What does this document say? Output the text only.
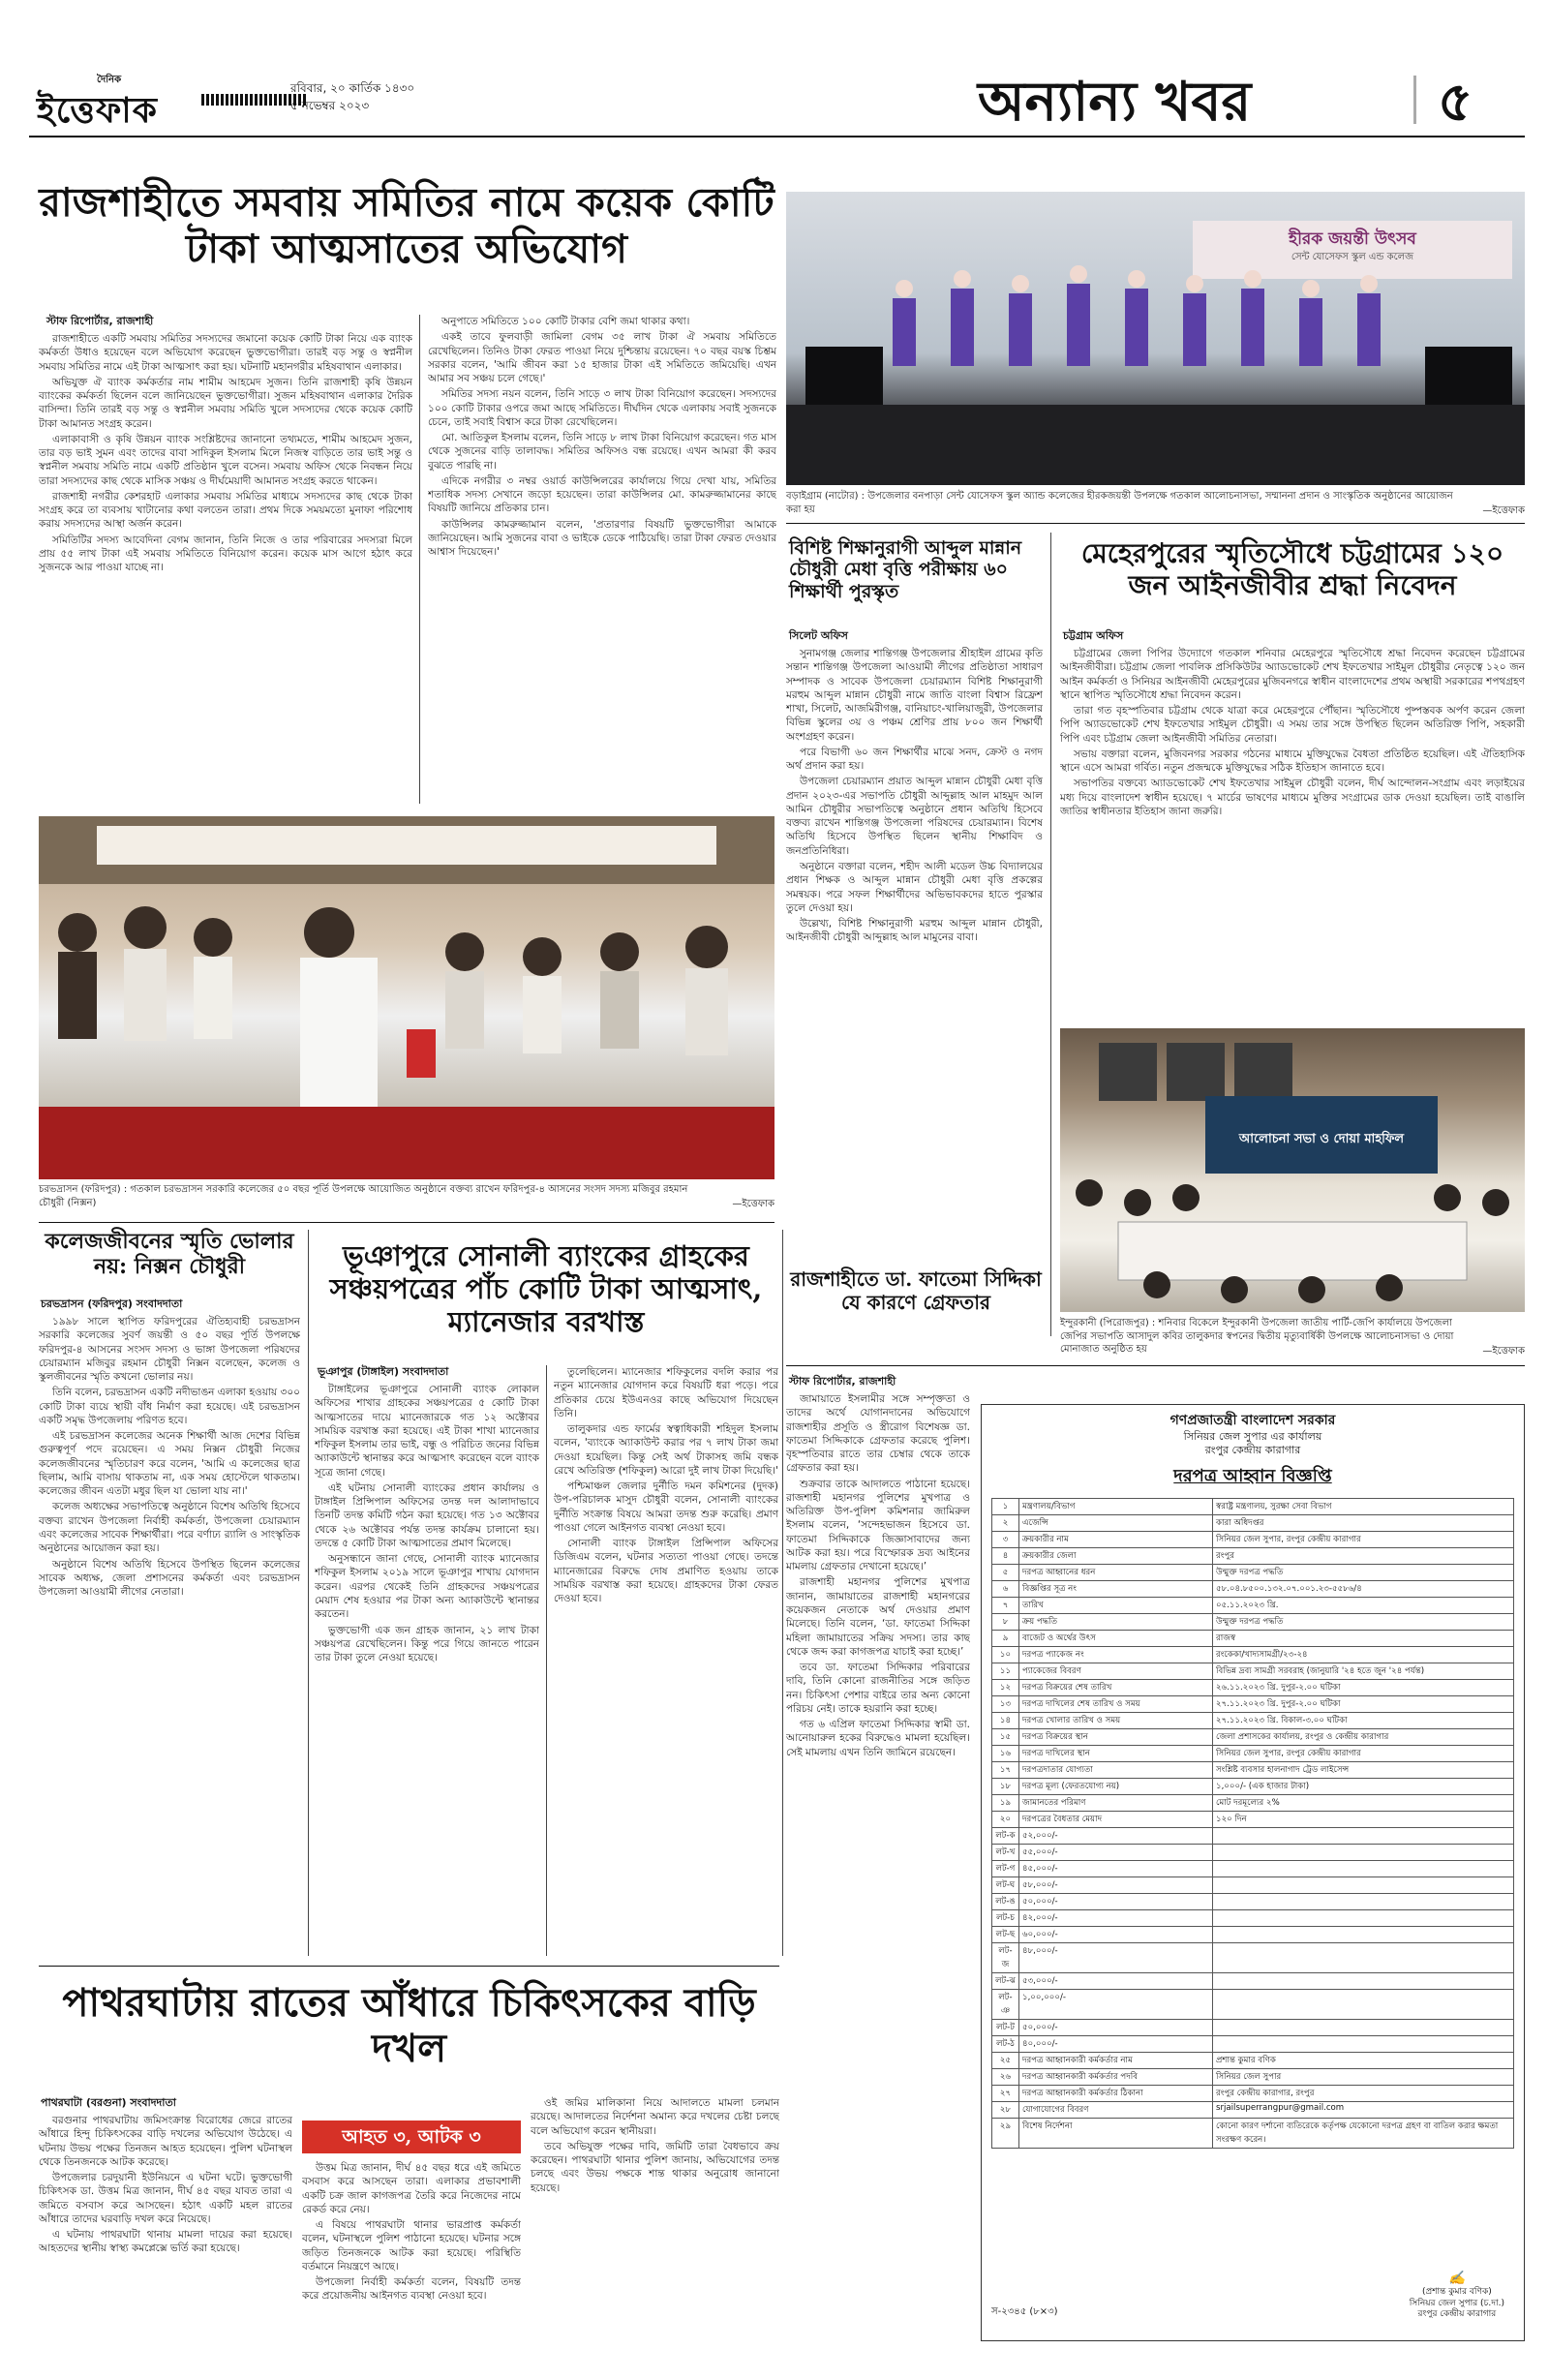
দৈনিক
ইত্তেফাক
রবিবার, ২০ কার্তিক ১৪৩০
৫ নভেম্বর ২০২৩	অন্যান্য খবর	৫
রাজশাহীতে সমবায় সমিতির নামে কয়েক কোটি টাকা আত্মসাতের অভিযোগ
স্টাফ রিপোর্টার, রাজশাহী

রাজশাহীতে একটি সমবায় সমিতির সদস্যদের জমানো কয়েক কোটি টাকা নিয়ে এক ব্যাংক কর্মকর্তা উধাও হয়েছেন বলে অভিযোগ করেছেন ভুক্তভোগীরা। তারই বড় সন্তু ও স্বপ্ননীল সমবায় সমিতির নামে এই টাকা আত্মসাৎ করা হয়। ঘটনাটি মহানগরীর মহিষবাথান এলাকার।

অভিযুক্ত ঐ ব্যাংক কর্মকর্তার নাম শামীম আহমেদ সুজন। তিনি রাজশাহী কৃষি উন্নয়ন ব্যাংকের কর্মকর্তা ছিলেন বলে জানিয়েছেন ভুক্তভোগীরা। সুজন মহিষবাথান এলাকার দৈরিক বাসিন্দা। তিনি তারই বড় সন্তু ও স্বপ্ননীল সমবায় সমিতি খুলে সদস্যদের থেকে কয়েক কোটি টাকা আমানত সংগ্রহ করেন।

এলাকাবাসী ও কৃষি উন্নয়ন ব্যাংক সংশ্লিষ্টদের জানানো তথ্যমতে, শামীম আহমেদ সুজন, তার বড় ভাই সুমন এবং তাদের বাবা সাদিকুল ইসলাম মিলে নিজস্ব বাড়িতে তার ভাই সন্তু ও স্বপ্ননীল সমবায় সমিতি নামে একটি প্রতিষ্ঠান খুলে বসেন। সমবায় অফিস থেকে নিবন্ধন নিয়ে তারা সদস্যদের কাছ থেকে মাসিক সঞ্চয় ও দীর্ঘমেয়াদী আমানত সংগ্রহ করতে থাকেন।

রাজশাহী নগরীর কেশরহাট এলাকার সমবায় সমিতির মাধ্যমে সদস্যদের কাছ থেকে টাকা সংগ্রহ করে তা ব্যবসায় খাটানোর কথা বলতেন তারা। প্রথম দিকে সময়মতো মুনাফা পরিশোধ করায় সদস্যদের আস্থা অর্জন করেন।

সমিতিটির সদস্য আবেদিনা বেগম জানান, তিনি নিজে ও তার পরিবারের সদস্যরা মিলে প্রায় ৫৫ লাখ টাকা এই সমবায় সমিতিতে বিনিয়োগ করেন। কয়েক মাস আগে হঠাৎ করে সুজনকে আর পাওয়া যাচ্ছে না।

অনুপাতে সমিতিতে ১০০ কোটি টাকার বেশি জমা থাকার কথা।

একই তাবে ফুলবাড়ী জামিলা বেগম ৩৫ লাখ টাকা ঐ সমবায় সমিতিতে রেখেছিলেন। তিনিও টাকা ফেরত পাওয়া নিয়ে দুশ্চিন্তায় রয়েছেন। ৭০ বছর বয়স্ক চিশ্তম সরকার বলেন, 'আমি জীবন করা ১৫ হাজার টাকা এই সমিতিতে জমিয়েছি। এখন আমার সব সঞ্চয় চলে গেছে।'

সমিতির সদস্য নয়ন বলেন, তিনি সাড়ে ৩ লাখ টাকা বিনিয়োগ করেছেন। সদস্যদের ১০০ কোটি টাকার ওপরে জমা আছে সমিতিতে। দীর্ঘদিন থেকে এলাকায় সবাই সুজনকে চেনে, তাই সবাই বিশ্বাস করে টাকা রেখেছিলেন।

মো. আতিকুল ইসলাম বলেন, তিনি সাড়ে ৮ লাখ টাকা বিনিয়োগ করেছেন। গত মাস থেকে সুজনের বাড়ি তালাবদ্ধ। সমিতির অফিসও বন্ধ রয়েছে। এখন আমরা কী করব বুঝতে পারছি না।

এদিকে নগরীর ৩ নম্বর ওয়ার্ড কাউন্সিলরের কার্যালয়ে গিয়ে দেখা যায়, সমিতির শতাধিক সদস্য সেখানে জড়ো হয়েছেন। তারা কাউন্সিলর মো. কামরুজ্জামানের কাছে বিষয়টি জানিয়ে প্রতিকার চান।

কাউন্সিলর কামরুজ্জামান বলেন, 'প্রতারণার বিষয়টি ভুক্তভোগীরা আমাকে জানিয়েছেন। আমি সুজনের বাবা ও ভাইকে ডেকে পাঠিয়েছি। তারা টাকা ফেরত দেওয়ার আশ্বাস দিয়েছেন।'

চরভদ্রাসন (ফরিদপুর) : গতকাল চরভদ্রাসন সরকারি কলেজের ৫০ বছর পূর্তি উপলক্ষে আয়োজিত অনুষ্ঠানে বক্তব্য রাখেন ফরিদপুর-৪ আসনের সংসদ সদস্য মজিবুর রহমান চৌধুরী (নিক্সন)	—ইত্তেফাক
হীরক জয়ন্তী উৎসব
সেন্ট যোসেফস স্কুল এন্ড কলেজ
বড়াইগ্রাম (নাটোর) : উপজেলার বনপাড়া সেন্ট যোসেফস স্কুল অ্যান্ড কলেজের হীরকজয়ন্তী উপলক্ষে গতকাল আলোচনাসভা, সম্মাননা প্রদান ও সাংস্কৃতিক অনুষ্ঠানের আয়োজন করা হয়	—ইত্তেফাক
বিশিষ্ট শিক্ষানুরাগী আব্দুল মান্নান চৌধুরী মেধা বৃত্তি পরীক্ষায় ৬০ শিক্ষার্থী পুরস্কৃত
সিলেট অফিস

সুনামগঞ্জ জেলার শান্তিগঞ্জ উপজেলার শ্রীহাইল গ্রামের কৃতি সন্তান শান্তিগঞ্জ উপজেলা আওয়ামী লীগের প্রতিষ্ঠাতা সাধারণ সম্পাদক ও সাবেক উপজেলা চেয়ারম্যান বিশিষ্ট শিক্ষানুরাগী মরহুম আব্দুল মান্নান চৌধুরী নামে জাতি বাংলা বিশ্বাস রিফ্রেশ শাখা, সিলেট, আজমিরীগঞ্জ, বানিয়াচং-খালিয়াজুরী, উপজেলার বিভিন্ন স্কুলের ৩য় ও পঞ্চম শ্রেণির প্রায় ৮০০ জন শিক্ষার্থী অংশগ্রহণ করেন।

পরে বিভাগী ৬০ জন শিক্ষার্থীর মাঝে সনদ, ক্রেস্ট ও নগদ অর্থ প্রদান করা হয়।

উপজেলা চেয়ারম্যান প্রয়াত আব্দুল মান্নান চৌধুরী মেধা বৃত্তি প্রদান ২০২৩-এর সভাপতি চৌধুরী আব্দুল্লাহ আল মাহমুদ আল আমিন চৌধুরীর সভাপতিত্বে অনুষ্ঠানে প্রধান অতিথি হিসেবে বক্তব্য রাখেন শান্তিগঞ্জ উপজেলা পরিষদের চেয়ারম্যান। বিশেষ অতিথি হিসেবে উপস্থিত ছিলেন স্থানীয় শিক্ষাবিদ ও জনপ্রতিনিধিরা।

অনুষ্ঠানে বক্তারা বলেন, শহীদ আলী মডেল উচ্চ বিদ্যালয়ের প্রধান শিক্ষক ও আব্দুল মান্নান চৌধুরী মেধা বৃত্তি প্রকল্পের সমন্বয়ক। পরে সফল শিক্ষার্থীদের অভিভাবকদের হাতে পুরস্কার তুলে দেওয়া হয়।

উল্লেখ্য, বিশিষ্ট শিক্ষানুরাগী মরহুম আব্দুল মান্নান চৌধুরী, আইনজীবী চৌধুরী আব্দুল্লাহ আল মামুনের বাবা।

মেহেরপুরের স্মৃতিসৌধে চট্টগ্রামের ১২০ জন আইনজীবীর শ্রদ্ধা নিবেদন
চট্টগ্রাম অফিস

চট্টগ্রামের জেলা পিপির উদ্যোগে গতকাল শনিবার মেহেরপুরে স্মৃতিসৌধে শ্রদ্ধা নিবেদন করেছেন চট্টগ্রামের আইনজীবীরা। চট্টগ্রাম জেলা পাবলিক প্রসিকিউটর অ্যাডভোকেট শেখ ইফতেখার সাইমুল চৌধুরীর নেতৃত্বে ১২০ জন আইন কর্মকর্তা ও সিনিয়র আইনজীবী মেহেরপুরের মুজিবনগরে স্বাধীন বাংলাদেশের প্রথম অস্থায়ী সরকারের শপথগ্রহণ স্থানে স্থাপিত স্মৃতিসৌধে শ্রদ্ধা নিবেদন করেন।

তারা গত বৃহস্পতিবার চট্টগ্রাম থেকে যাত্রা করে মেহেরপুরে পৌঁছান। স্মৃতিসৌধে পুষ্পস্তবক অর্পণ করেন জেলা পিপি অ্যাডভোকেট শেখ ইফতেখার সাইমুল চৌধুরী। এ সময় তার সঙ্গে উপস্থিত ছিলেন অতিরিক্ত পিপি, সহকারী পিপি এবং চট্টগ্রাম জেলা আইনজীবী সমিতির নেতারা।

সভায় বক্তারা বলেন, মুজিবনগর সরকার গঠনের মাধ্যমে মুক্তিযুদ্ধের বৈধতা প্রতিষ্ঠিত হয়েছিল। এই ঐতিহাসিক স্থানে এসে আমরা গর্বিত। নতুন প্রজন্মকে মুক্তিযুদ্ধের সঠিক ইতিহাস জানাতে হবে।

সভাপতির বক্তব্যে অ্যাডভোকেট শেখ ইফতেখার সাইমুল চৌধুরী বলেন, দীর্ঘ আন্দোলন-সংগ্রাম এবং লড়াইয়ের মধ্য দিয়ে বাংলাদেশ স্বাধীন হয়েছে। ৭ মার্চের ভাষণের মাধ্যমে মুক্তির সংগ্রামের ডাক দেওয়া হয়েছিল। তাই বাঙালি জাতির স্বাধীনতার ইতিহাস জানা জরুরি।

আলোচনা সভা ও দোয়া মাহফিল
ইন্দুরকানী (পিরোজপুর) : শনিবার বিকেলে ইন্দুরকানী উপজেলা জাতীয় পার্টি-জেপি কার্যালয়ে উপজেলা জেপির সভাপতি আসাদুল কবির তালুকদার স্বপনের দ্বিতীয় মৃত্যুবার্ষিকী উপলক্ষে আলোচনাসভা ও দোয়া মোনাজাত অনুষ্ঠিত হয়	—ইত্তেফাক
কলেজজীবনের স্মৃতি ভোলার নয়: নিক্সন চৌধুরী
চরভদ্রাসন (ফরিদপুর) সংবাদদাতা

১৯৯৮ সালে স্থাপিত ফরিদপুরের ঐতিহ্যবাহী চরভদ্রাসন সরকারি কলেজের সুবর্ণ জয়ন্তী ও ৫০ বছর পূর্তি উপলক্ষে ফরিদপুর-৪ আসনের সংসদ সদস্য ও ভাঙ্গা উপজেলা পরিষদের চেয়ারম্যান মজিবুর রহমান চৌধুরী নিক্সন বলেছেন, কলেজ ও স্কুলজীবনের স্মৃতি কখনো ভোলার নয়।

তিনি বলেন, চরভদ্রাসন একটি নদীভাঙন এলাকা হওয়ায় ৩০০ কোটি টাকা ব্যয়ে স্থায়ী বাঁধ নির্মাণ করা হয়েছে। এই চরভদ্রাসন একটি সমৃদ্ধ উপজেলায় পরিণত হবে।

এই চরভদ্রাসন কলেজের অনেক শিক্ষার্থী আজ দেশের বিভিন্ন গুরুত্বপূর্ণ পদে রয়েছেন। এ সময় নিক্সন চৌধুরী নিজের কলেজজীবনের স্মৃতিচারণ করে বলেন, 'আমি এ কলেজের ছাত্র ছিলাম, আমি বাসায় থাকতাম না, এক সময় হোস্টেলে থাকতাম। কলেজের জীবন এতটা মধুর ছিল যা ভোলা যায় না।'

কলেজ অধ্যক্ষের সভাপতিত্বে অনুষ্ঠানে বিশেষ অতিথি হিসেবে বক্তব্য রাখেন উপজেলা নির্বাহী কর্মকর্তা, উপজেলা চেয়ারম্যান এবং কলেজের সাবেক শিক্ষার্থীরা। পরে বর্ণাঢ্য র‍্যালি ও সাংস্কৃতিক অনুষ্ঠানের আয়োজন করা হয়।

অনুষ্ঠানে বিশেষ অতিথি হিসেবে উপস্থিত ছিলেন কলেজের সাবেক অধ্যক্ষ, জেলা প্রশাসনের কর্মকর্তা এবং চরভদ্রাসন উপজেলা আওয়ামী লীগের নেতারা।

ভূঞাপুরে সোনালী ব্যাংকের গ্রাহকের সঞ্চয়পত্রের পাঁচ কোটি টাকা আত্মসাৎ, ম্যানেজার বরখাস্ত
ভূঞাপুর (টাঙ্গাইল) সংবাদদাতা

টাঙ্গাইলের ভূঞাপুরে সোনালী ব্যাংক লোকাল অফিসের শাখার গ্রাহকের সঞ্চয়পত্রের ৫ কোটি টাকা আত্মসাতের দায়ে ম্যানেজারকে গত ১২ অক্টোবর সাময়িক বরখাস্ত করা হয়েছে। এই টাকা শাখা ম্যানেজার শফিকুল ইসলাম তার ভাই, বন্ধু ও পরিচিত জনের বিভিন্ন অ্যাকাউন্টে স্থানান্তর করে আত্মসাৎ করেছেন বলে ব্যাংক সূত্রে জানা গেছে।

এই ঘটনায় সোনালী ব্যাংকের প্রধান কার্যালয় ও টাঙ্গাইল প্রিন্সিপাল অফিসের তদন্ত দল আলাদাভাবে তিনটি তদন্ত কমিটি গঠন করা হয়েছে। গত ১৩ অক্টোবর থেকে ২৬ অক্টোবর পর্যন্ত তদন্ত কার্যক্রম চালানো হয়। তদন্তে ৫ কোটি টাকা আত্মসাতের প্রমাণ মিলেছে।

অনুসন্ধানে জানা গেছে, সোনালী ব্যাংক ম্যানেজার শফিকুল ইসলাম ২০১৯ সালে ভূঞাপুর শাখায় যোগদান করেন। এরপর থেকেই তিনি গ্রাহকদের সঞ্চয়পত্রের মেয়াদ শেষ হওয়ার পর টাকা অন্য অ্যাকাউন্টে স্থানান্তর করতেন।

ভুক্তভোগী এক জন গ্রাহক জানান, ২১ লাখ টাকা সঞ্চয়পত্র রেখেছিলেন। কিন্তু পরে গিয়ে জানতে পারেন তার টাকা তুলে নেওয়া হয়েছে।

তুলেছিলেন। ম্যানেজার শফিকুলের বদলি করার পর নতুন ম্যানেজার যোগদান করে বিষয়টি ধরা পড়ে। পরে প্রতিকার চেয়ে ইউএনওর কাছে অভিযোগ দিয়েছেন তিনি।

তালুকদার এন্ড ফার্মের স্বত্বাধিকারী শহিদুল ইসলাম বলেন, 'ব্যাংকে অ্যাকাউন্ট করার পর ৭ লাখ টাকা জমা দেওয়া হয়েছিল। কিন্তু সেই অর্থ টাকাসহ জমি বন্ধক রেখে অতিরিক্ত (শফিকুল) আরো দুই লাখ টাকা দিয়েছি।'

পশ্চিমাঞ্চল জেলার দুর্নীতি দমন কমিশনের (দুদক) উপ-পরিচালক মাসুদ চৌধুরী বলেন, সোনালী ব্যাংকের দুর্নীতি সংক্রান্ত বিষয়ে আমরা তদন্ত শুরু করেছি। প্রমাণ পাওয়া গেলে আইনগত ব্যবস্থা নেওয়া হবে।

সোনালী ব্যাংক টাঙ্গাইল প্রিন্সিপাল অফিসের ডিজিএম বলেন, ঘটনার সত্যতা পাওয়া গেছে। তদন্তে ম্যানেজারের বিরুদ্ধে দোষ প্রমাণিত হওয়ায় তাকে সাময়িক বরখাস্ত করা হয়েছে। গ্রাহকদের টাকা ফেরত দেওয়া হবে।

রাজশাহীতে ডা. ফাতেমা সিদ্দিকা যে কারণে গ্রেফতার
স্টাফ রিপোর্টার, রাজশাহী

জামায়াতে ইসলামীর সঙ্গে সম্পৃক্ততা ও তাদের অর্থে যোগানদানের অভিযোগে রাজশাহীর প্রসূতি ও স্ত্রীরোগ বিশেষজ্ঞ ডা. ফাতেমা সিদ্দিকাকে গ্রেফতার করেছে পুলিশ। বৃহস্পতিবার রাতে তার চেম্বার থেকে তাকে গ্রেফতার করা হয়।

শুক্রবার তাকে আদালতে পাঠানো হয়েছে। রাজশাহী মহানগর পুলিশের মুখপাত্র ও অতিরিক্ত উপ-পুলিশ কমিশনার জামিরুল ইসলাম বলেন, ‘সন্দেহভাজন হিসেবে ডা. ফাতেমা সিদ্দিকাকে জিজ্ঞাসাবাদের জন্য আটক করা হয়। পরে বিস্ফোরক দ্রব্য আইনের মামলায় গ্রেফতার দেখানো হয়েছে।’

রাজশাহী মহানগর পুলিশের মুখপাত্র জানান, জামায়াতের রাজশাহী মহানগরের কয়েকজন নেতাকে অর্থ দেওয়ার প্রমাণ মিলেছে। তিনি বলেন, ‘ডা. ফাতেমা সিদ্দিকা মহিলা জামায়াতের সক্রিয় সদস্য। তার কাছ থেকে জব্দ করা কাগজপত্র যাচাই করা হচ্ছে।’

তবে ডা. ফাতেমা সিদ্দিকার পরিবারের দাবি, তিনি কোনো রাজনীতির সঙ্গে জড়িত নন। চিকিৎসা পেশার বাইরে তার অন্য কোনো পরিচয় নেই। তাকে হয়রানি করা হচ্ছে।

গত ৬ এপ্রিল ফাতেমা সিদ্দিকার স্বামী ডা. আনোয়ারুল হকের বিরুদ্ধেও মামলা হয়েছিল। সেই মামলায় এখন তিনি জামিনে রয়েছেন।

পাথরঘাটায় রাতের আঁধারে চিকিৎসকের বাড়ি দখল
পাথরঘাটা (বরগুনা) সংবাদদাতা

বরগুনার পাথরঘাটায় জমিসংক্রান্ত বিরোধের জেরে রাতের আঁধারে হিন্দু চিকিৎসকের বাড়ি দখলের অভিযোগ উঠেছে। এ ঘটনায় উভয় পক্ষের তিনজন আহত হয়েছেন। পুলিশ ঘটনাস্থল থেকে তিনজনকে আটক করেছে।

উপজেলার চরদুয়ানী ইউনিয়নে এ ঘটনা ঘটে। ভুক্তভোগী চিকিৎসক ডা. উত্তম মিত্র জানান, দীর্ঘ ৪৫ বছর যাবত তারা এ জমিতে বসবাস করে আসছেন। হঠাৎ একটি মহল রাতের আঁধারে তাদের ঘরবাড়ি দখল করে নিয়েছে।

এ ঘটনায় পাথরঘাটা থানায় মামলা দায়ের করা হয়েছে। আহতদের স্থানীয় স্বাস্থ্য কমপ্লেক্সে ভর্তি করা হয়েছে।

আহত ৩, আটক ৩

উত্তম মিত্র জানান, দীর্ঘ ৪৫ বছর ধরে এই জমিতে বসবাস করে আসছেন তারা। এলাকার প্রভাবশালী একটি চক্র জাল কাগজপত্র তৈরি করে নিজেদের নামে রেকর্ড করে নেয়।

এ বিষয়ে পাথরঘাটা থানার ভারপ্রাপ্ত কর্মকর্তা বলেন, ঘটনাস্থলে পুলিশ পাঠানো হয়েছে। ঘটনার সঙ্গে জড়িত তিনজনকে আটক করা হয়েছে। পরিস্থিতি বর্তমানে নিয়ন্ত্রণে আছে।

উপজেলা নির্বাহী কর্মকর্তা বলেন, বিষয়টি তদন্ত করে প্রয়োজনীয় আইনগত ব্যবস্থা নেওয়া হবে।

ওই জমির মালিকানা নিয়ে আদালতে মামলা চলমান রয়েছে। আদালতের নির্দেশনা অমান্য করে দখলের চেষ্টা চলছে বলে অভিযোগ করেন স্থানীয়রা।

তবে অভিযুক্ত পক্ষের দাবি, জমিটি তারা বৈধভাবে ক্রয় করেছেন। পাথরঘাটা থানার পুলিশ জানায়, অভিযোগের তদন্ত চলছে এবং উভয় পক্ষকে শান্ত থাকার অনুরোধ জানানো হয়েছে।

গণপ্রজাতন্ত্রী বাংলাদেশ সরকার
সিনিয়র জেল সুপার এর কার্যালয়
রংপুর কেন্দ্রীয় কারাগার
দরপত্র আহ্বান বিজ্ঞপ্তি
১	মন্ত্রণালয়/বিভাগ	স্বরাষ্ট্র মন্ত্রণালয়, সুরক্ষা সেবা বিভাগ
২	এজেন্সি	কারা অধিদপ্তর
৩	ক্রয়কারীর নাম	সিনিয়র জেল সুপার, রংপুর কেন্দ্রীয় কারাগার
৪	ক্রয়কারীর জেলা	রংপুর
৫	দরপত্র আহ্বানের ধরন	উন্মুক্ত দরপত্র পদ্ধতি
৬	বিজ্ঞপ্তির সূত্র নং	৫৮.০৪.৮৫০০.১৩২.০৭.০০১.২৩-৫৫৮৬/৪
৭	তারিখ	০৫.১১.২০২৩ খ্রি.
৮	ক্রয় পদ্ধতি	উন্মুক্ত দরপত্র পদ্ধতি
৯	বাজেট ও অর্থের উৎস	রাজস্ব
১০	দরপত্র প্যাকেজ নং	রংকেকা/খাদ্যসামগ্রী/২৩-২৪
১১	প্যাকেজের বিবরণ	বিভিন্ন দ্রব্য সামগ্রী সরবরাহ (জানুয়ারি '২৪ হতে জুন '২৪ পর্যন্ত)
১২	দরপত্র বিক্রয়ের শেষ তারিখ	২৬.১১.২০২৩ খ্রি. দুপুর-২.০০ ঘটিকা
১৩	দরপত্র দাখিলের শেষ তারিখ ও সময়	২৭.১১.২০২৩ খ্রি. দুপুর-২.০০ ঘটিকা
১৪	দরপত্র খোলার তারিখ ও সময়	২৭.১১.২০২৩ খ্রি. বিকাল-৩.০০ ঘটিকা
১৫	দরপত্র বিক্রয়ের স্থান	জেলা প্রশাসকের কার্যালয়, রংপুর ও কেন্দ্রীয় কারাগার
১৬	দরপত্র দাখিলের স্থান	সিনিয়র জেল সুপার, রংপুর কেন্দ্রীয় কারাগার
১৭	দরপত্রদাতার যোগ্যতা	সংশ্লিষ্ট ব্যবসার হালনাগাদ ট্রেড লাইসেন্স
১৮	দরপত্র মূল্য (ফেরতযোগ্য নয়)	১,০০০/- (এক হাজার টাকা)
১৯	জামানতের পরিমাণ	মোট দরমূল্যের ২%
২০	দরপত্রের বৈধতার মেয়াদ	১২০ দিন
লট-ক	৫২,০০০/-	
লট-খ	৫৫,০০০/-	
লট-গ	৪৫,০০০/-	
লট-ঘ	৫৮,০০০/-	
লট-ঙ	৫০,০০০/-	
লট-চ	৪২,০০০/-	
লট-ছ	৬০,০০০/-	
লট-জ	৪৮,০০০/-	
লট-ঝ	৫৩,০০০/-	
লট-ঞ	১,০০,০০০/-	
লট-ট	৫০,০০০/-	
লট-ঠ	৪০,০০০/-	
২৫	দরপত্র আহ্বানকারী কর্মকর্তার নাম	প্রশান্ত কুমার বণিক
২৬	দরপত্র আহ্বানকারী কর্মকর্তার পদবি	সিনিয়র জেল সুপার
২৭	দরপত্র আহ্বানকারী কর্মকর্তার ঠিকানা	রংপুর কেন্দ্রীয় কারাগার, রংপুর
২৮	যোগাযোগের বিবরণ	srjailsuperrangpur@gmail.com
২৯	বিশেষ নির্দেশনা	কোনো কারণ দর্শানো ব্যতিরেকে কর্তৃপক্ষ যেকোনো দরপত্র গ্রহণ বা বাতিল করার ক্ষমতা সংরক্ষণ করেন।
স-২৩৪৫ (৮×৩)
✍
(প্রশান্ত কুমার বণিক)
সিনিয়র জেল সুপার (চ.দা.)
রংপুর কেন্দ্রীয় কারাগার
